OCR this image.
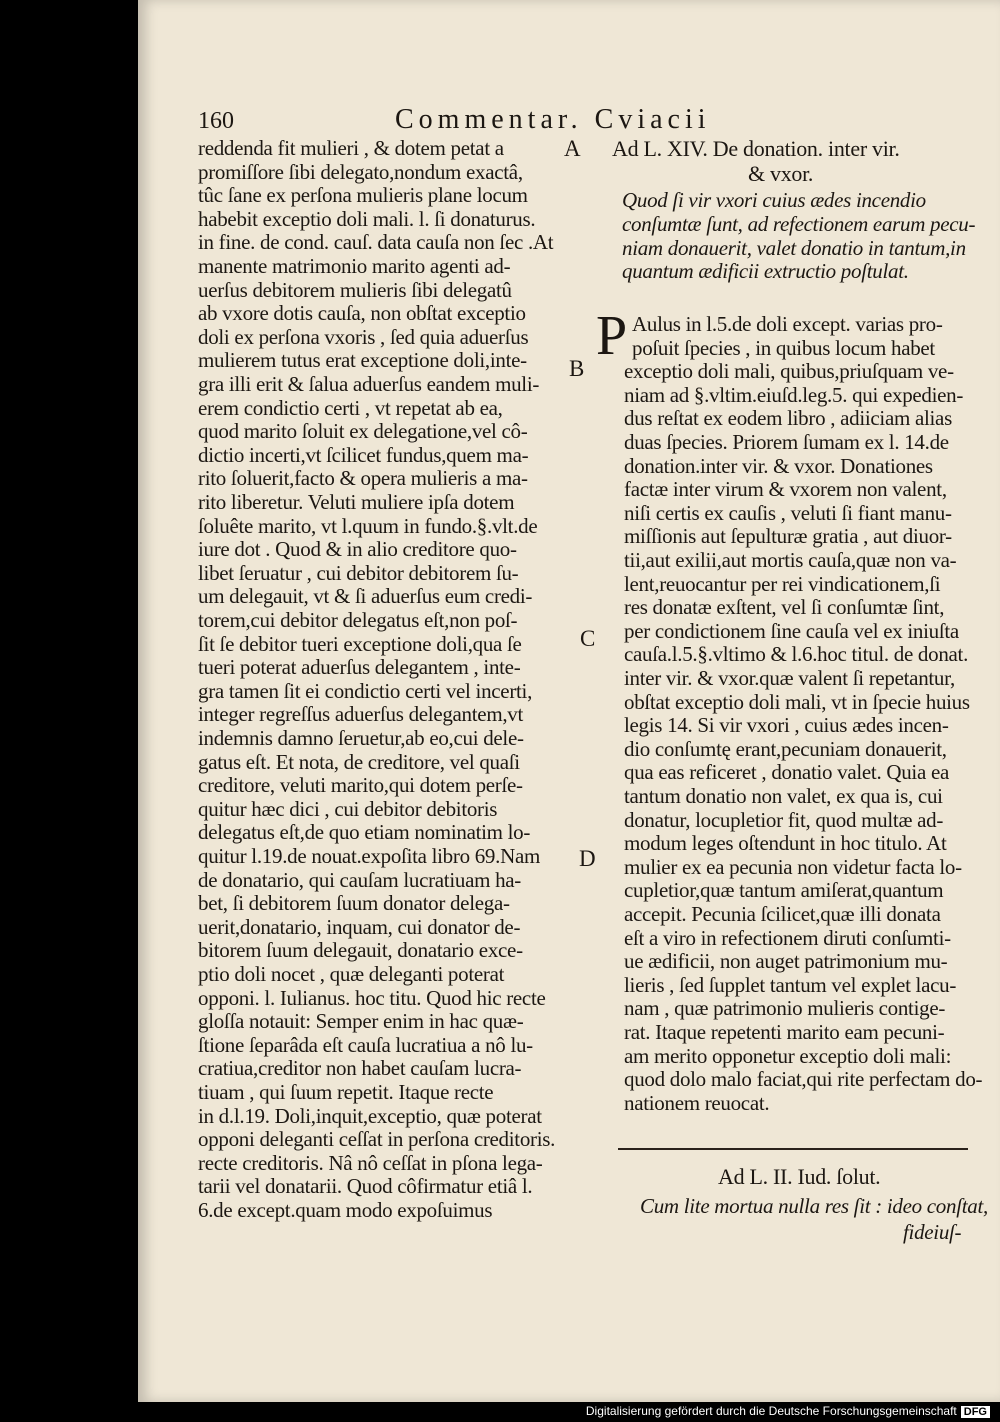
160	Commentar. Cviacii
reddenda fit mulieri , & dotem petat a
promiſſore ſibi delegato,nondum exactâ,
tûc ſane ex perſona mulieris plane locum
habebit exceptio doli mali. l. ſi donaturus.
in fine. de cond. cauſ. data cauſa non ſec .At
manente matrimonio marito agenti ad-
uerſus debitorem mulieris ſibi delegatû
ab vxore dotis cauſa, non obſtat exceptio
doli ex perſona vxoris , ſed quia aduerſus
mulierem tutus erat exceptione doli,inte-
gra illi erit & ſalua aduerſus eandem muli-
erem condictio certi , vt repetat ab ea,
quod marito ſoluit ex delegatione,vel cô-
dictio incerti,vt ſcilicet fundus,quem ma-
rito ſoluerit,facto & opera mulieris a ma-
rito liberetur. Veluti muliere ipſa dotem
ſoluête marito, vt l.quum in fundo.§.vlt.de
iure dot . Quod & in alio creditore quo-
libet ſeruatur , cui debitor debitorem ſu-
um delegauit, vt & ſi aduerſus eum credi-
torem,cui debitor delegatus eſt,non poſ-
ſit ſe debitor tueri exceptione doli,qua ſe
tueri poterat aduerſus delegantem , inte-
gra tamen ſit ei condictio certi vel incerti,
integer regreſſus aduerſus delegantem,vt
indemnis damno ſeruetur,ab eo,cui dele-
gatus eſt. Et nota, de creditore, vel quaſi
creditore, veluti marito,qui dotem perſe-
quitur hæc dici , cui debitor debitoris
delegatus eſt,de quo etiam nominatim lo-
quitur l.19.de nouat.expoſita libro 69.Nam
de donatario, qui cauſam lucratiuam ha-
bet, ſi debitorem ſuum donator delega-
uerit,donatario, inquam, cui donator de-
bitorem ſuum delegauit, donatario exce-
ptio doli nocet , quæ deleganti poterat
opponi. l. Iulianus. hoc titu. Quod hic recte
gloſſa notauit: Semper enim in hac quæ-
ſtione ſeparâda eſt cauſa lucratiua a nô lu-
cratiua,creditor non habet cauſam lucra-
tiuam , qui ſuum repetit. Itaque recte
in d.l.19. Doli,inquit,exceptio, quæ poterat
opponi deleganti ceſſat in perſona creditoris.
recte creditoris. Nâ nô ceſſat in pſona lega-
tarii vel donatarii. Quod côfirmatur etiâ l.
6.de except.quam modo expoſuimus
A
B
C
D
Ad L. XIV. De donation. inter vir.
& vxor.
Quod ſi vir vxori cuius ædes incendio
conſumtæ ſunt, ad refectionem earum pecu-
niam donauerit, valet donatio in tantum,in
quantum ædificii extructio poſtulat.
P Aulus in l.5.de doli except. varias pro-
poſuit ſpecies , in quibus locum habet
exceptio doli mali, quibus,priuſquam ve-
niam ad §.vltim.eiuſd.leg.5. qui expedien-
dus reſtat ex eodem libro , adiiciam alias
duas ſpecies. Priorem ſumam ex l. 14.de
donation.inter vir. & vxor. Donationes
factæ inter virum & vxorem non valent,
niſi certis ex cauſis , veluti ſi fiant manu-
miſſionis aut ſepulturæ gratia , aut diuor-
tii,aut exilii,aut mortis cauſa,quæ non va-
lent,reuocantur per rei vindicationem,ſi
res donatæ exſtent, vel ſi conſumtæ ſint,
per condictionem ſine cauſa vel ex iniuſta
cauſa.l.5.§.vltimo & l.6.hoc titul. de donat.
inter vir. & vxor.quæ valent ſi repetantur,
obſtat exceptio doli mali, vt in ſpecie huius
legis 14. Si vir vxori , cuius ædes incen-
dio conſumtę erant,pecuniam donauerit,
qua eas reficeret , donatio valet. Quia ea
tantum donatio non valet, ex qua is, cui
donatur, locupletior fit, quod multæ ad-
modum leges oſtendunt in hoc titulo. At
mulier ex ea pecunia non videtur facta lo-
cupletior,quæ tantum amiſerat,quantum
accepit. Pecunia ſcilicet,quæ illi donata
eſt a viro in refectionem diruti conſumti-
ue ædificii, non auget patrimonium mu-
lieris , ſed ſupplet tantum vel explet lacu-
nam , quæ patrimonio mulieris contige-
rat. Itaque repetenti marito eam pecuni-
am merito opponetur exceptio doli mali:
quod dolo malo faciat,qui rite perfectam do-
nationem reuocat.
Ad L. II. Iud. ſolut.
Cum lite mortua nulla res ſit : ideo conſtat,
fideiuſ-
Digitalisierung gefördert durch die Deutsche Forschungsgemeinschaft DFG
